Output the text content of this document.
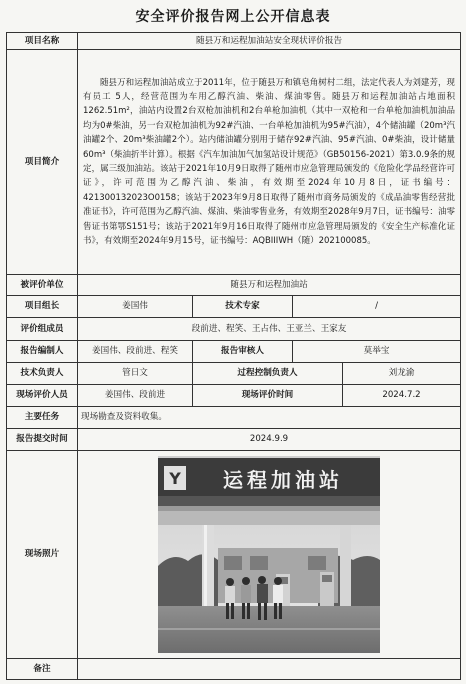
安全评价报告网上公开信息表
项目名称	随县万和运程加油站安全现状评价报告			
项目简介	随县万和运程加油站成立于2011年，位于随县万和镇皂角树村二组，法定代表人为刘建芳，现有员工 5人，经营范围为车用乙醇汽油、柴油、煤油零售。随县万和运程加油站占地面积1262.51m²，油站内设置2台双枪加油机和2台单枪加油机（其中一双枪和一台单枪加油机加油品均为0#柴油，另一台双枪加油机为92#汽油、一台单枪加油机为95#汽油），4个储油罐（20m³汽油罐2个、20m³柴油罐2个）。站内储油罐分别用于储存92#汽油、95#汽油、0#柴油，设计储量60m³（柴油折半计算）。根据《汽车加油加气加氢站设计规范》（GB50156-2021）第3.0.9条的规定，属三级加油站。该站于2021年10月9日取得了随州市应急管理局颁发的《危险化学品经营许可证》，许可范围为乙醇汽油、柴油，有效期至2024年10月8日，证书编号：421300132023O0158；该站于2023年9月8日取得了随州市商务局颁发的《成品油零售经营批准证书》，许可范围为乙醇汽油、煤油、柴油零售业务，有效期至2028年9月7日，证书编号：油零售证书第鄂S151号；该站于2021年9月16日取得了随州市应急管理局颁发的《安全生产标准化证书》，有效期至2024年9月15号，证书编号：AQBIIIWH（随）202100085。			
被评价单位	随县万和运程加油站			
项目组长	姜国伟	技术专家	/	
评价组成员	段前进、程笑、王占伟、王亚兰、王家友			
报告编制人	姜国伟、段前进、程笑	报告审核人	莫举宝	
技术负责人	管日文	过程控制负责人		刘龙渝
现场评价人员	姜国伟、段前进	现场评价时间		2024.7.2
主要任务	现场勘查及资料收集。			
报告提交时间	2024.9.9			
现场照片	Y 运程加油站			

备注				
